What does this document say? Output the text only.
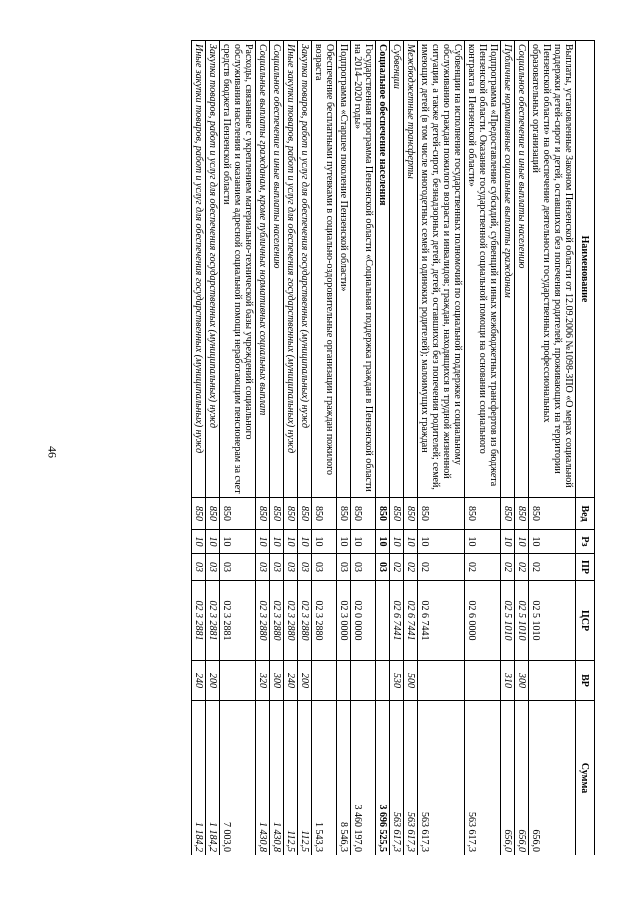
46
Наименование	Вед	Рз	ПР	ЦСР	ВР	Сумма
Выплаты, установленные Законом Пензенской области от 12.09.2006 №1098-ЗПО «О мерах социальной поддержки детей-сирот и детей, оставшихся без попечения родителей, проживающих на территории Пензенской области» на обеспечение деятельности государственных профессиональных образовательных организаций	850	10	02	02 5 1010		656,0
Социальное обеспечение и иные выплаты населению	850	10	02	02 5 1010	300	656,0
Публичные нормативные социальные выплаты гражданам	850	10	02	02 5 1010	310	656,0
Подпрограмма «Предоставление субсидий, субвенций и иных межбюджетных трансфертов из бюджета Пензенской области. Оказание государственной социальной помощи на основании социального контракта в Пензенской области»	850	10	02	02 6 0000		563 617,3
Субвенции на исполнение государственных полномочий по социальной поддержке и социальному обслуживанию граждан пожилого возраста и инвалидов; граждан, находящихся в трудной жизненной ситуации, а также детей-сирот, безнадзорных детей, детей, оставшихся без попечения родителей; семей, имеющих детей (в том числе многодетных семей и одиноких родителей); малоимущих граждан	850	10	02	02 6 7441		563 617,3
Межбюджетные трансферты	850	10	02	02 6 7441	500	563 617,3
Субвенции	850	10	02	02 6 7441	530	563 617,3
Социальное обеспечение населения	850	10	03			3 696 525,5
Государственная программа Пензенской области «Социальная поддержка граждан в Пензенской области на 2014–2020 годы»	850	10	03	02 0 0000		3 460 197,0
Подпрограмма «Старшее поколение Пензенской области»	850	10	03	02 3 0000		8 546,3
Обеспечение бесплатными путевками в социально-оздоровительные организации граждан пожилого возраста	850	10	03	02 3 2880		1 543,3
Закупка товаров, работ и услуг для обеспечения государственных (муниципальных) нужд	850	10	03	02 3 2880	200	112,5
Иные закупки товаров, работ и услуг для обеспечения государственных (муниципальных) нужд	850	10	03	02 3 2880	240	112,5
Социальное обеспечение и иные выплаты населению	850	10	03	02 3 2880	300	1 430,8
Социальные выплаты гражданам, кроме публичных нормативных социальных выплат	850	10	03	02 3 2880	320	1 430,8
Расходы, связанные с укреплением материально-технической базы учреждений социального обслуживания населения и оказанием адресной социальной помощи неработающим пенсионерам за счет средств бюджета Пензенской области	850	10	03	02 3 2881		7 003,0
Закупка товаров, работ и услуг для обеспечения государственных (муниципальных) нужд	850	10	03	02 3 2881	200	1 184,2
Иные закупки товаров, работ и услуг для обеспечения государственных (муниципальных) нужд	850	10	03	02 3 2881	240	1 184,2
